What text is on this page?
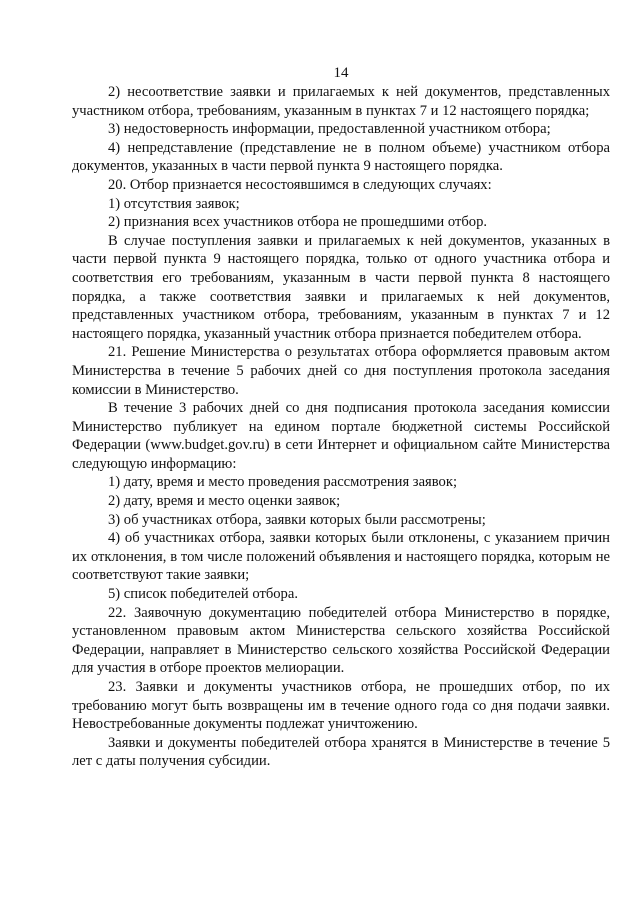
14

2) несоответствие заявки и прилагаемых к ней документов, представленных участником отбора, требованиям, указанным в пунктах 7 и 12 настоящего порядка;

3) недостоверность информации, предоставленной участником отбора;

4) непредставление (представление не в полном объеме) участником отбора документов, указанных в части первой пункта 9 настоящего порядка.

20. Отбор признается несостоявшимся в следующих случаях:

1) отсутствия заявок;

2) признания всех участников отбора не прошедшими отбор.

В случае поступления заявки и прилагаемых к ней документов, указанных в части первой пункта 9 настоящего порядка, только от одного участника отбора и соответствия его требованиям, указанным в части первой пункта 8 настоящего порядка, а также соответствия заявки и прилагаемых к ней документов, представленных участником отбора, требованиям, указанным в пунктах 7 и 12 настоящего порядка, указанный участник отбора признается победителем отбора.

21. Решение Министерства о результатах отбора оформляется правовым актом Министерства в течение 5 рабочих дней со дня поступления протокола заседания комиссии в Министерство.

В течение 3 рабочих дней со дня подписания протокола заседания комиссии Министерство публикует на едином портале бюджетной системы Российской Федерации (www.budget.gov.ru) в сети Интернет и официальном сайте Министерства следующую информацию:

1) дату, время и место проведения рассмотрения заявок;

2) дату, время и место оценки заявок;

3) об участниках отбора, заявки которых были рассмотрены;

4) об участниках отбора, заявки которых были отклонены, с указанием причин их отклонения, в том числе положений объявления и настоящего порядка, которым не соответствуют такие заявки;

5) список победителей отбора.

22. Заявочную документацию победителей отбора Министерство в порядке, установленном правовым актом Министерства сельского хозяйства Российской Федерации, направляет в Министерство сельского хозяйства Российской Федерации для участия в отборе проектов мелиорации.

23. Заявки и документы участников отбора, не прошедших отбор, по их требованию могут быть возвращены им в течение одного года со дня подачи заявки. Невостребованные документы подлежат уничтожению.

Заявки и документы победителей отбора хранятся в Министерстве в течение 5 лет с даты получения субсидии.
